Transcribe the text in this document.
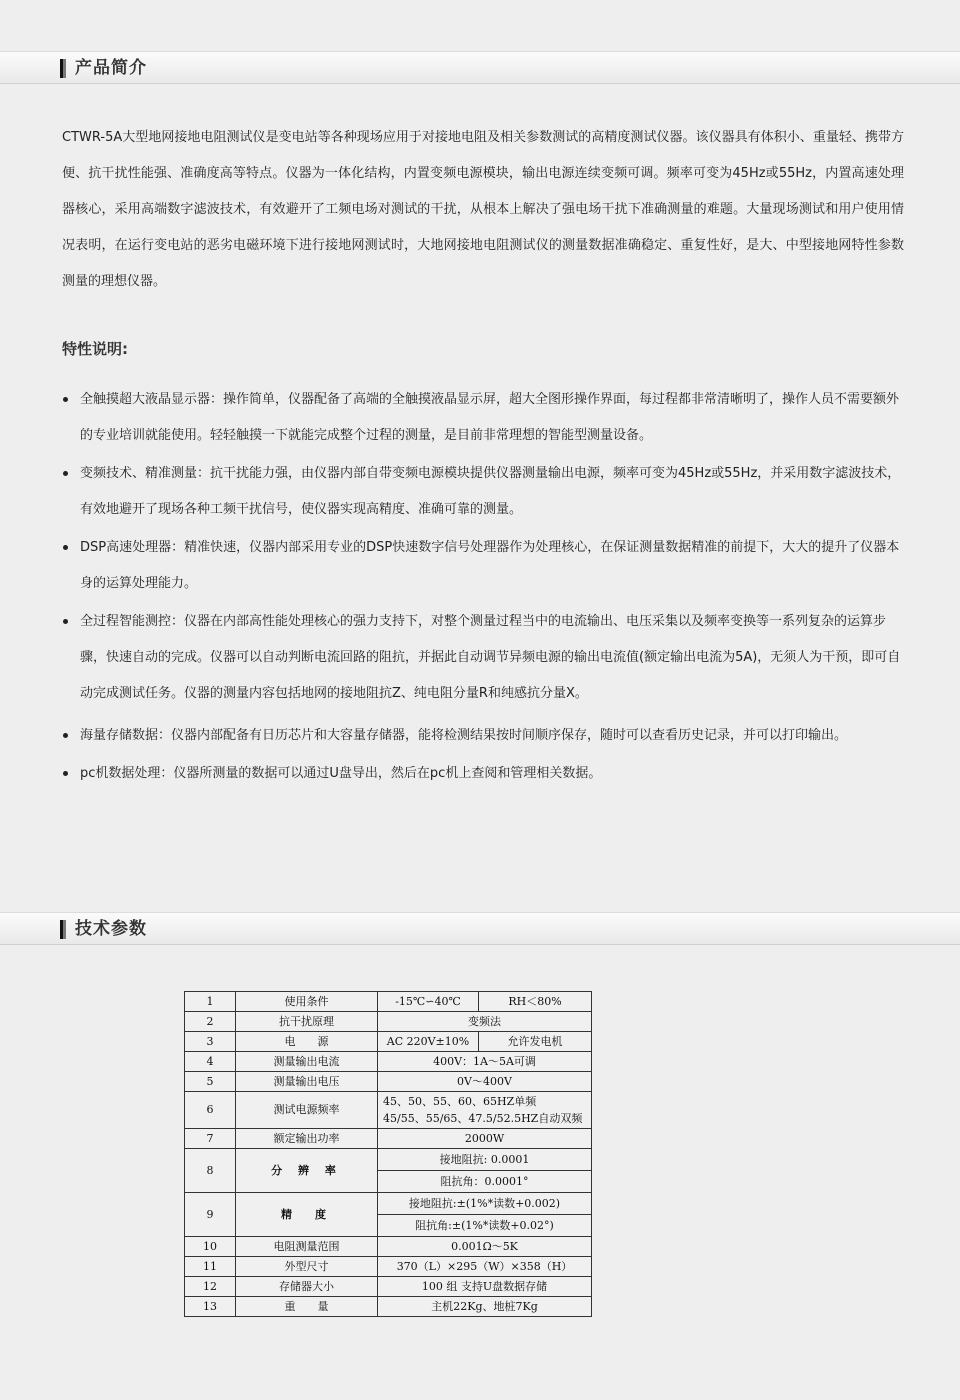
产品简介

CTWR-5A大型地网接地电阻测试仪是变电站等各种现场应用于对接地电阻及相关参数测试的高精度测试仪器。该仪器具有体积小、重量轻、携带方便、抗干扰性能强、准确度高等特点。仪器为一体化结构，内置变频电源模块，输出电源连续变频可调。频率可变为45Hz或55Hz，内置高速处理器核心，采用高端数字滤波技术，有效避开了工频电场对测试的干扰，从根本上解决了强电场干扰下准确测量的难题。大量现场测试和用户使用情况表明，在运行变电站的恶劣电磁环境下进行接地网测试时，大地网接地电阻测试仪的测量数据准确稳定、重复性好，是大、中型接地网特性参数测量的理想仪器。

特性说明:
全触摸超大液晶显示器：操作简单，仪器配备了高端的全触摸液晶显示屏，超大全图形操作界面，每过程都非常清晰明了，操作人员不需要额外的专业培训就能使用。轻轻触摸一下就能完成整个过程的测量，是目前非常理想的智能型测量设备。
变频技术、精准测量：抗干扰能力强，由仪器内部自带变频电源模块提供仪器测量输出电源，频率可变为45Hz或55Hz，并采用数字滤波技术，有效地避开了现场各种工频干扰信号，使仪器实现高精度、准确可靠的测量。
DSP高速处理器：精准快速，仪器内部采用专业的DSP快速数字信号处理器作为处理核心，在保证测量数据精准的前提下，大大的提升了仪器本身的运算处理能力。
全过程智能测控：仪器在内部高性能处理核心的强力支持下，对整个测量过程当中的电流输出、电压采集以及频率变换等一系列复杂的运算步骤，快速自动的完成。仪器可以自动判断电流回路的阻抗，并据此自动调节异频电源的输出电流值(额定输出电流为5A)，无须人为干预，即可自动完成测试任务。仪器的测量内容包括地网的接地阻抗Z、纯电阻分量R和纯感抗分量X。
海量存储数据：仪器内部配备有日历芯片和大容量存储器，能将检测结果按时间顺序保存，随时可以查看历史记录，并可以打印输出。
pc机数据处理：仪器所测量的数据可以通过U盘导出，然后在pc机上查阅和管理相关数据。
技术参数
1	使用条件	-15℃∽40℃	RH＜80%
2	抗干扰原理	变频法	
3	电　　源	AC 220V±10%	允许发电机
4	测量输出电流	400V：1A～5A可调	
5	测量输出电压	0V～400V	
6	测试电源频率	45、50、55、60、65HZ单频
45/55、55/65、47.5/52.5HZ自动双频	

7	额定输出功率	2000W	
8	分 辨 率	接地阻抗: 0.0001	
		阻抗角：0.0001°	
9	精　度	接地阻抗:±(1%*读数+0.002)	
		阻抗角:±(1%*读数+0.02°)	
10	电阻测量范围	0.001Ω～5K	
11	外型尺寸	370（L）×295（W）×358（H）	
12	存储器大小	100 组 支持U盘数据存储	
13	重　　量	主机22Kg、地桩7Kg	
